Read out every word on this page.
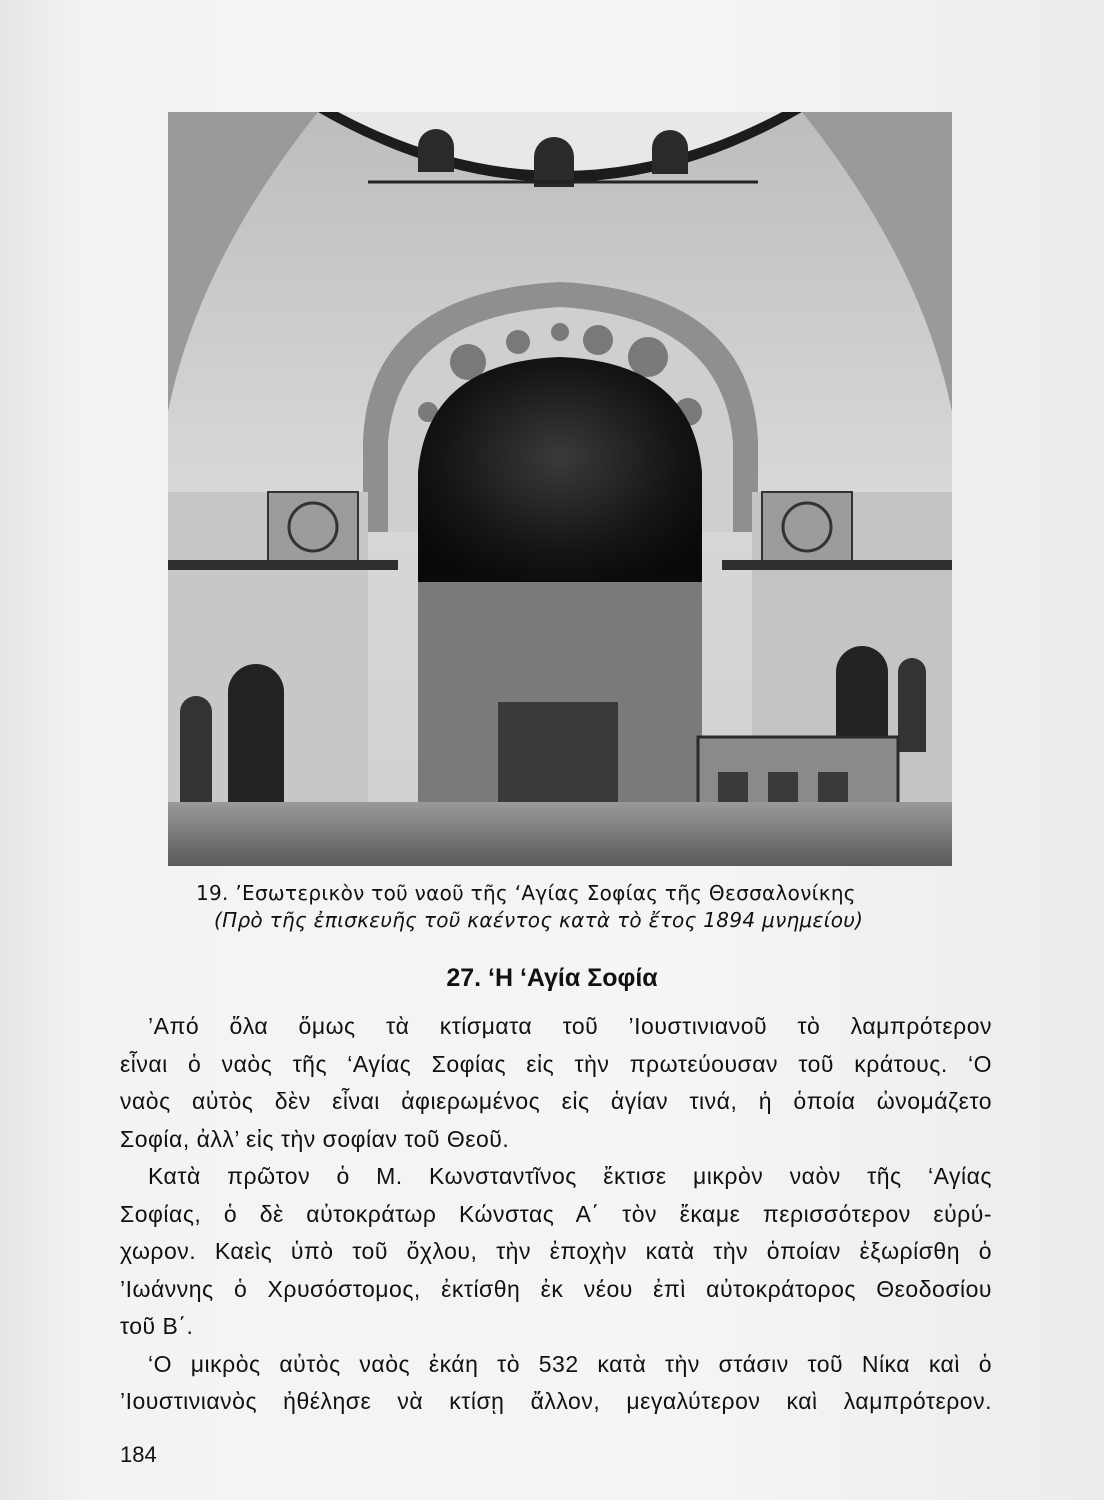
19. ’Εσωτερικὸν τοῦ ναοῦ τῆς ‘Αγίας Σοφίας τῆς Θεσσαλονίκης
(Πρὸ τῆς ἐπισκευῆς τοῦ καέντος κατὰ τὸ ἔτος 1894 μνημείου)
27. ‘Η ‘Αγία Σοφία
’Από ὅλα ὅμως τὰ κτίσματα τοῦ ’Ιουστινιανοῦ τὸ λαμπρότερον
εἶναι ὁ ναὸς τῆς ‘Αγίας Σοφίας εἰς τὴν πρωτεύουσαν τοῦ κράτους. ‘Ο
ναὸς αὐτὸς δὲν εἶναι ἀφιερωμένος εἰς ἁγίαν τινά, ἡ ὁποία ὠνομάζετο
Σοφία, ἀλλ’ εἰς τὴν σοφίαν τοῦ Θεοῦ.
Κατὰ πρῶτον ὁ Μ. Κωνσταντῖνος ἔκτισε μικρὸν ναὸν τῆς ‘Αγίας
Σοφίας, ὁ δὲ αὐτοκράτωρ Κώνστας Α΄ τὸν ἔκαμε περισσότερον εὐρύ-
χωρον. Καεὶς ὑπὸ τοῦ ὄχλου, τὴν ἐποχὴν κατὰ τὴν ὁποίαν ἐξωρίσθη ὁ
’Ιωάννης ὁ Χρυσόστομος, ἐκτίσθη ἐκ νέου ἐπὶ αὐτοκράτορος Θεοδοσίου
τοῦ Β΄.
‘Ο μικρὸς αὐτὸς ναὸς ἐκάη τὸ 532 κατὰ τὴν στάσιν τοῦ Νίκα καὶ ὁ
’Ιουστινιανὸς ἠθέλησε νὰ κτίσῃ ἄλλον, μεγαλύτερον καὶ λαμπρότερον.
184
